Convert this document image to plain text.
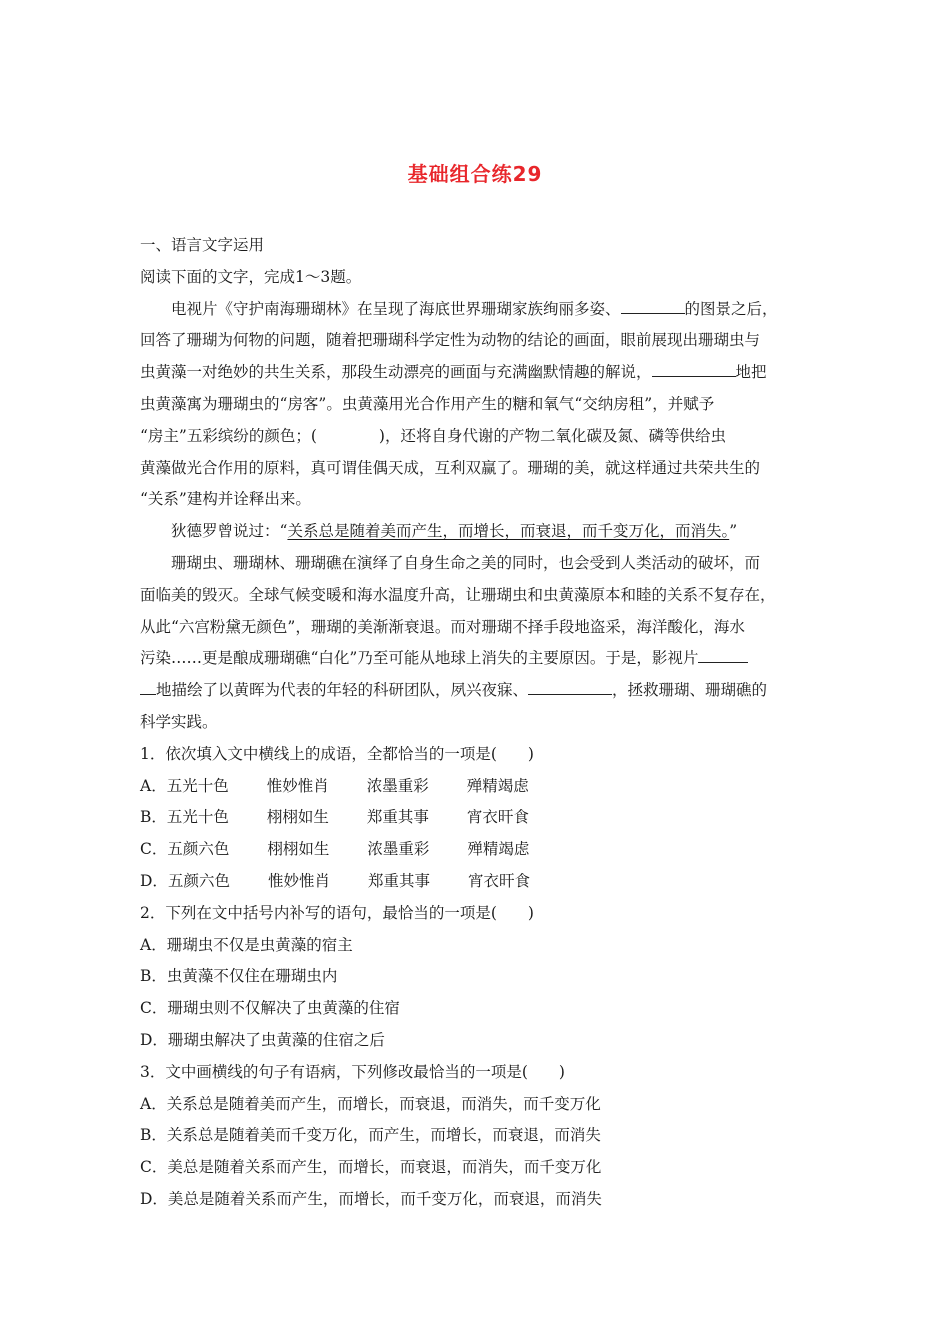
基础组合练29
一、语言文字运用
阅读下面的文字，完成1～3题。
电视片《守护南海珊瑚林》在呈现了海底世界珊瑚家族绚丽多姿、	的图景之后，
回答了珊瑚为何物的问题，随着把珊瑚科学定性为动物的结论的画面，眼前展现出珊瑚虫与
虫黄藻一对绝妙的共生关系，那段生动漂亮的画面与充满幽默情趣的解说，	地把
虫黄藻寓为珊瑚虫的“房客”。虫黄藻用光合作用产生的糖和氧气“交纳房租”，并赋予
“房主”五彩缤纷的颜色；(	)，还将自身代谢的产物二氧化碳及氮、磷等供给虫
黄藻做光合作用的原料，真可谓佳偶天成，互利双赢了。珊瑚的美，就这样通过共荣共生的
“关系”建构并诠释出来。
狄德罗曾说过：“关系总是随着美而产生，而增长，而衰退，而千变万化，而消失。”
珊瑚虫、珊瑚林、珊瑚礁在演绎了自身生命之美的同时，也会受到人类活动的破坏，而
面临美的毁灭。全球气候变暖和海水温度升高，让珊瑚虫和虫黄藻原本和睦的关系不复存在，
从此“六宫粉黛无颜色”，珊瑚的美渐渐衰退。而对珊瑚不择手段地盗采，海洋酸化，海水
污染……更是酿成珊瑚礁“白化”乃至可能从地球上消失的主要原因。于是，影视片
地描绘了以黄晖为代表的年轻的科研团队，夙兴夜寐、	，拯救珊瑚、珊瑚礁的
科学实践。
1．依次填入文中横线上的成语，全都恰当的一项是(　　)
A．五光十色 惟妙惟肖 浓墨重彩 殚精竭虑
B．五光十色 栩栩如生 郑重其事 宵衣旰食
C．五颜六色 栩栩如生 浓墨重彩 殚精竭虑
D．五颜六色 惟妙惟肖 郑重其事 宵衣旰食
2．下列在文中括号内补写的语句，最恰当的一项是(　　)
A．珊瑚虫不仅是虫黄藻的宿主
B．虫黄藻不仅住在珊瑚虫内
C．珊瑚虫则不仅解决了虫黄藻的住宿
D．珊瑚虫解决了虫黄藻的住宿之后
3．文中画横线的句子有语病，下列修改最恰当的一项是(　　)
A．关系总是随着美而产生，而增长，而衰退，而消失，而千变万化
B．关系总是随着美而千变万化，而产生，而增长，而衰退，而消失
C．美总是随着关系而产生，而增长，而衰退，而消失，而千变万化
D．美总是随着关系而产生，而增长，而千变万化，而衰退，而消失
